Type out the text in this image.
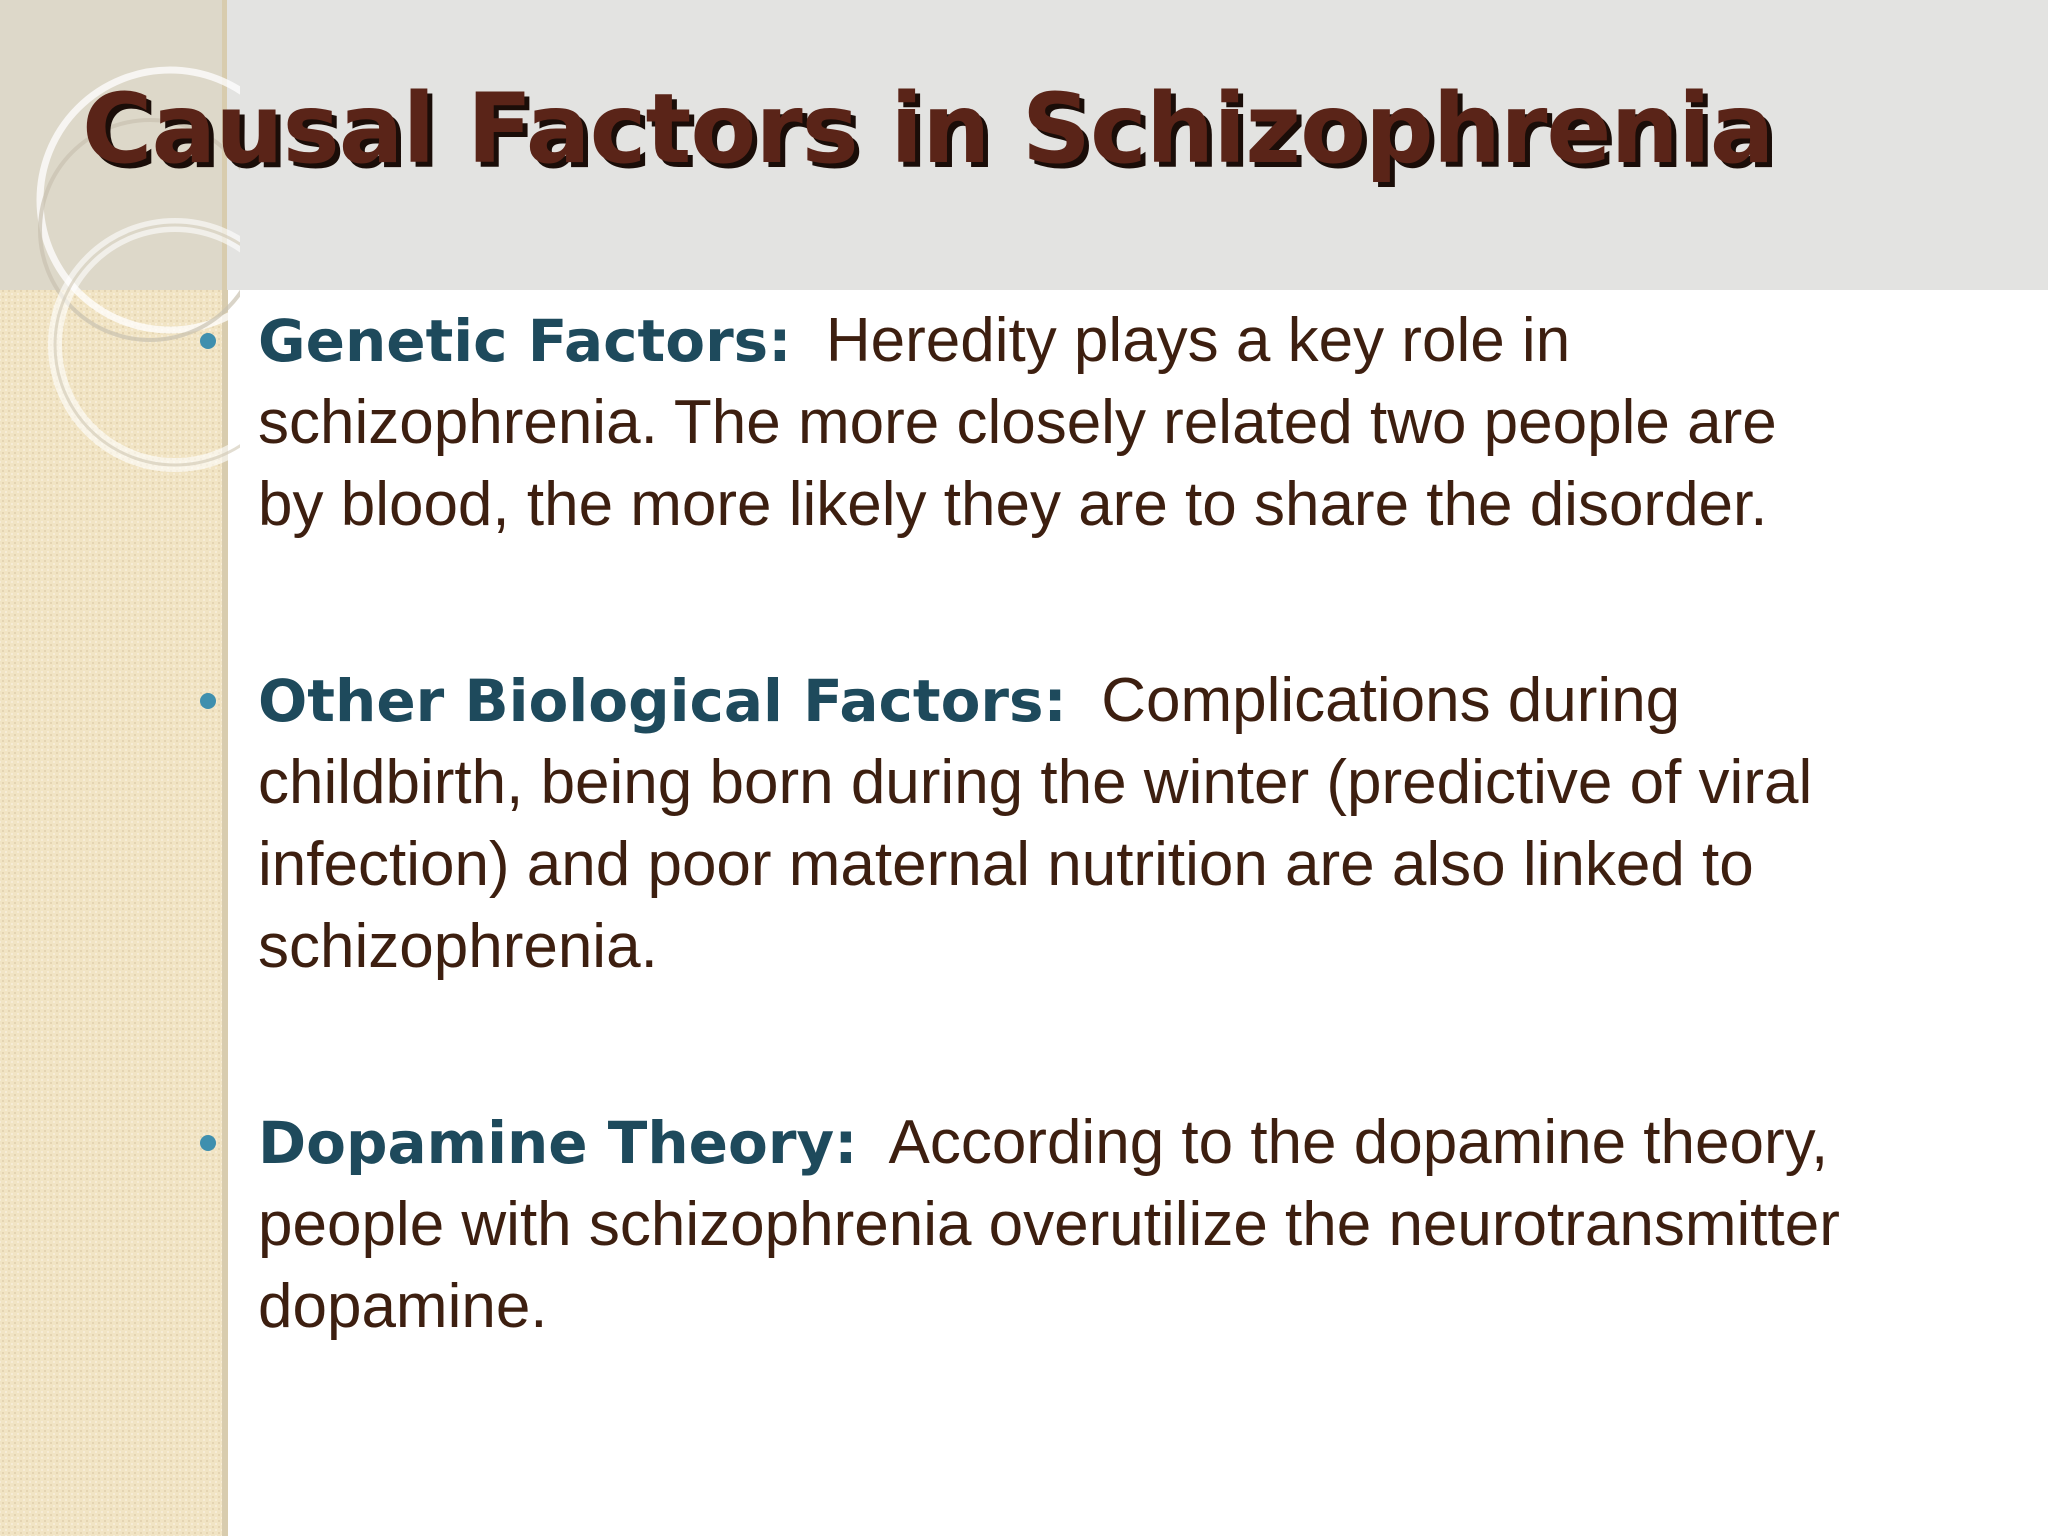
Causal Factors in Schizophrenia
Genetic Factors: Heredity plays a key role in schizophrenia. The more closely related two people are by blood, the more likely they are to share the disorder.
Other Biological Factors: Complications during childbirth, being born during the winter (predictive of viral infection) and poor maternal nutrition are also linked to schizophrenia.
Dopamine Theory: According to the dopamine theory, people with schizophrenia overutilize the neurotransmitter dopamine.
